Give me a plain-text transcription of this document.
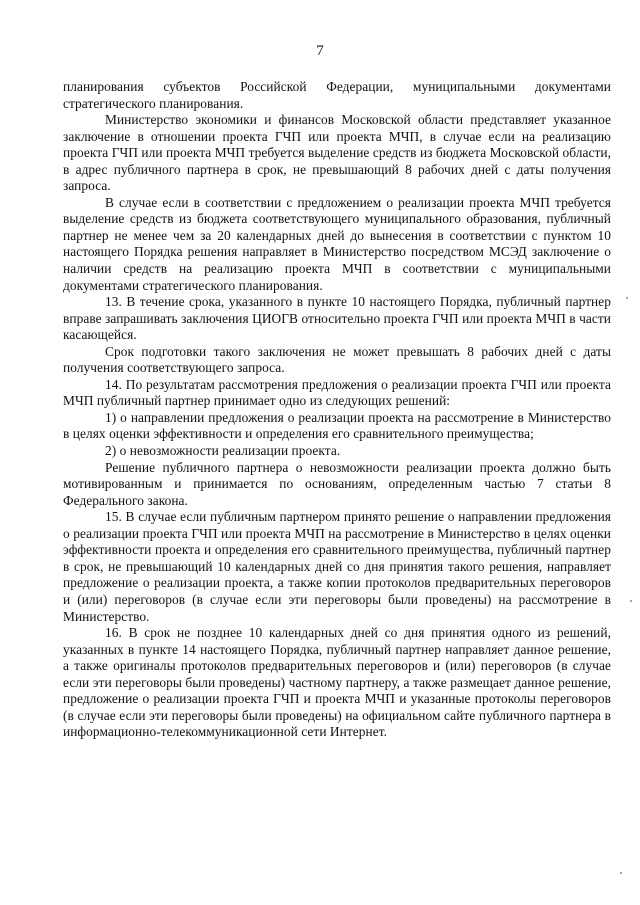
7

планирования субъектов Российской Федерации, муниципальными документами стратегического планирования.

Министерство экономики и финансов Московской области представляет указанное заключение в отношении проекта ГЧП или проекта МЧП, в случае если на реализацию проекта ГЧП или проекта МЧП требуется выделение средств из бюджета Московской области, в адрес публичного партнера в срок, не превышающий 8 рабочих дней с даты получения запроса.

В случае если в соответствии с предложением о реализации проекта МЧП требуется выделение средств из бюджета соответствующего муниципального образования, публичный партнер не менее чем за 20 календарных дней до вынесения в соответствии с пунктом 10 настоящего Порядка решения направляет в Министерство посредством МСЭД заключение о наличии средств на реализацию проекта МЧП в соответствии с муниципальными документами стратегического планирования.

13. В течение срока, указанного в пункте 10 настоящего Порядка, публичный партнер вправе запрашивать заключения ЦИОГВ относительно проекта ГЧП или проекта МЧП в части касающейся.

Срок подготовки такого заключения не может превышать 8 рабочих дней с даты получения соответствующего запроса.

14. По результатам рассмотрения предложения о реализации проекта ГЧП или проекта МЧП публичный партнер принимает одно из следующих решений:

1) о направлении предложения о реализации проекта на рассмотрение в Министерство в целях оценки эффективности и определения его сравнительного преимущества;

2) о невозможности реализации проекта.

Решение публичного партнера о невозможности реализации проекта должно быть мотивированным и принимается по основаниям, определенным частью 7 статьи 8 Федерального закона.

15. В случае если публичным партнером принято решение о направлении предложения о реализации проекта ГЧП или проекта МЧП на рассмотрение в Министерство в целях оценки эффективности проекта и определения его сравнительного преимущества, публичный партнер в срок, не превышающий 10 календарных дней со дня принятия такого решения, направляет предложение о реализации проекта, а также копии протоколов предварительных переговоров и (или) переговоров (в случае если эти переговоры были проведены) на рассмотрение в Министерство.

16. В срок не позднее 10 календарных дней со дня принятия одного из решений, указанных в пункте 14 настоящего Порядка, публичный партнер направляет данное решение, а также оригиналы протоколов предварительных переговоров и (или) переговоров (в случае если эти переговоры были проведены) частному партнеру, а также размещает данное решение, предложение о реализации проекта ГЧП и проекта МЧП и указанные протоколы переговоров (в случае если эти переговоры были проведены) на официальном сайте публичного партнера в информационно-телекоммуникационной сети Интернет.
